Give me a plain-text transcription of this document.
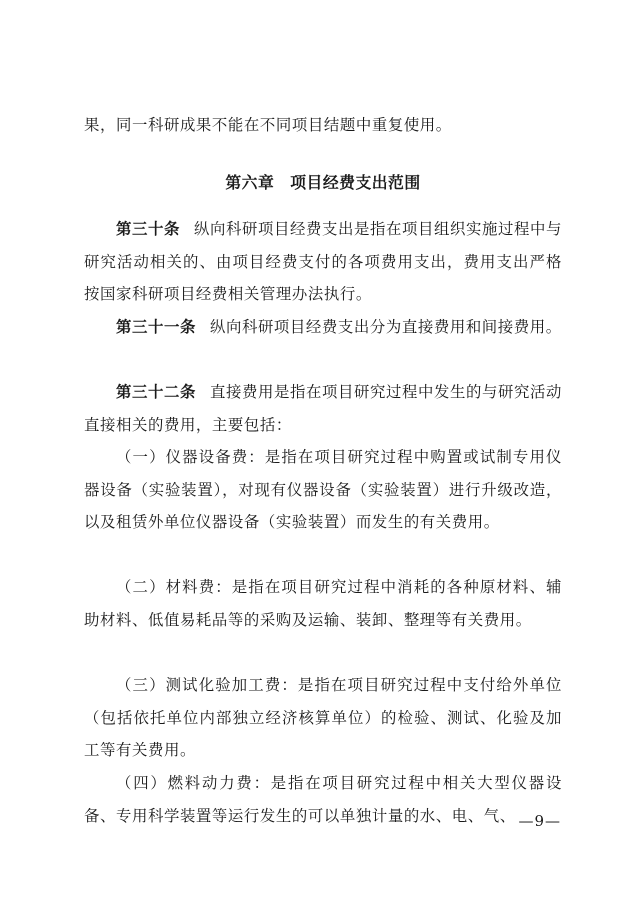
果，同一科研成果不能在不同项目结题中重复使用。

第六章 项目经费支出范围

第三十条 纵向科研项目经费支出是指在项目组织实施过程中与研究活动相关的、由项目经费支付的各项费用支出，费用支出严格按国家科研项目经费相关管理办法执行。

第三十一条 纵向科研项目经费支出分为直接费用和间接费用。

第三十二条 直接费用是指在项目研究过程中发生的与研究活动直接相关的费用，主要包括：

（一）仪器设备费：是指在项目研究过程中购置或试制专用仪器设备（实验装置），对现有仪器设备（实验装置）进行升级改造，以及租赁外单位仪器设备（实验装置）而发生的有关费用。

（二）材料费：是指在项目研究过程中消耗的各种原材料、辅助材料、低值易耗品等的采购及运输、装卸、整理等有关费用。

（三）测试化验加工费：是指在项目研究过程中支付给外单位（包括依托单位内部独立经济核算单位）的检验、测试、化验及加工等有关费用。

（四）燃料动力费：是指在项目研究过程中相关大型仪器设备、专用科学装置等运行发生的可以单独计量的水、电、气、 —9—
